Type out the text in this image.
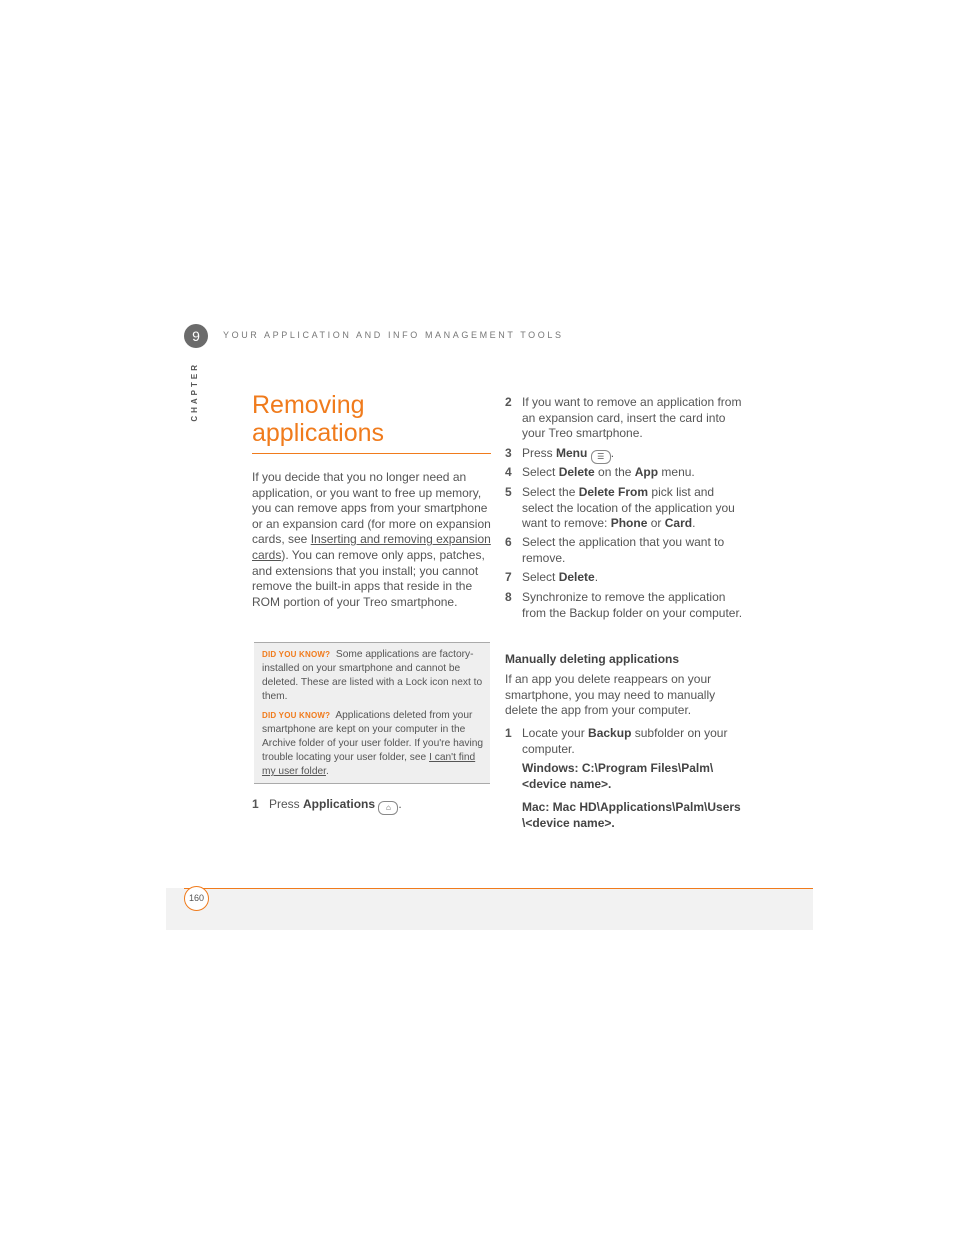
9
CHAPTER
YOUR APPLICATION AND INFO MANAGEMENT TOOLS
Removing
applications
If you decide that you no longer need an application, or you want to free up memory, you can remove apps from your smartphone or an expansion card (for more on expansion cards, see Inserting and removing expansion cards). You can remove only apps, patches, and extensions that you install; you cannot remove the built-in apps that reside in the ROM portion of your Treo smartphone.
DID YOU KNOW? Some applications are factory-installed on your smartphone and cannot be deleted. These are listed with a Lock icon next to them.
DID YOU KNOW? Applications deleted from your smartphone are kept on your computer in the Archive folder of your user folder. If you're having trouble locating your user folder, see I can't find my user folder.
1 Press Applications ⌂ .
2 If you want to remove an application from an expansion card, insert the card into your Treo smartphone.
3 Press Menu ☰ .
4 Select Delete on the App menu.
5 Select the Delete From pick list and select the location of the application you want to remove: Phone or Card.
6 Select the application that you want to remove.
7 Select Delete.
8 Synchronize to remove the application from the Backup folder on your computer.
Manually deleting applications
If an app you delete reappears on your smartphone, you may need to manually delete the app from your computer.
1 Locate your Backup subfolder on your computer.
Windows: C:\Program Files\Palm\<device name>.
Mac: Mac HD\Applications\Palm\Users\<device name>.
160
